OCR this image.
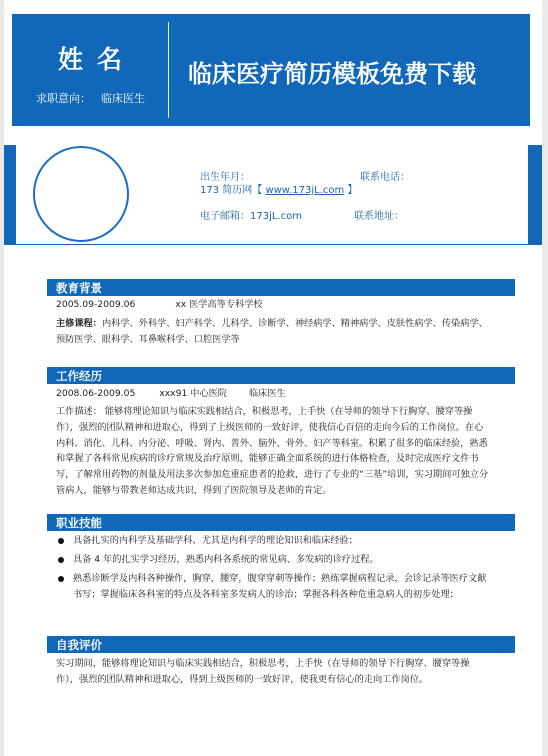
姓名
求职意向： 临床医生
临床医疗简历模板免费下载
出生年月：	联系电话：
173 简历网【 www.173jL.com 】
电子邮箱：173jL.com	联系地址：
教育背景
2005.09-2009.06	xx 医学高等专科学校
主修课程：内科学、外科学、妇产科学、儿科学、诊断学、神经病学、精神病学、皮肤性病学、传染病学、预防医学、眼科学、耳鼻喉科学、口腔医学等
工作经历
2008.06-2009.05	xxx91 中心医院 临床医生
工作描述： 能够将理论知识与临床实践相结合，积极思考，上手快（在导师的领导下行胸穿、腰穿等操作），强烈的团队精神和进取心，得到了上级医师的一致好评，使我信心百倍的走向今后的工作岗位。在心内科、消化、儿科、内分泌、呼吸、肾内、普外、脑外、骨外、妇产等科室。积累了很多的临床经验，熟悉和掌握了各科常见疾病的诊疗常规及治疗原则，能够正确全面系统的进行体格检查，及时完成医疗文件书写，了解常用药物的剂量及用法多次参加危重症患者的抢救，进行了专业的“三基”培训，实习期间可独立分管病人，能够与带教老师达成共识，得到了医院领导及老师的肯定。
职业技能
具备扎实的内科学及基础学科、尤其是内科学的理论知识和临床经验；
具备 4 年的扎实学习经历，熟悉内科各系统的常见病、多发病的诊疗过程。
熟悉诊断学及内科各种操作，胸穿，腰穿，腹穿穿刺等操作；熟练掌握病程记录，会诊记录等医疗文献书写；掌握临床各科室的特点及各科室多发病人的诊治；掌握各科各种危重急病人的初步处理；
自我评价
实习期间，能够将理论知识与临床实践相结合，积极思考，上手快（在导师的领导下行胸穿、腰穿等操作），强烈的团队精神和进取心，得到上级医师的一致好评，使我更有信心的走向工作岗位。
